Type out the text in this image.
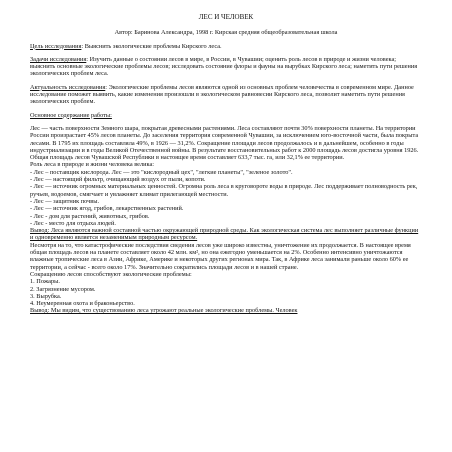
ЛЕС И ЧЕЛОВЕК
Автор: Баринова Александра, 1998 г. Кирская средняя общеобразовательная школа
Цель исследования: Выяснить экологические проблемы Кирского леса.
Задачи исследования: Изучить данные о состоянии лесов в мире, в России, в Чувашии; оценить роль лесов в природе и жизни человека; выяснить основные экологические проблемы лесов; исследовать состояние флоры и фауны на вырубках Кирского леса; наметить пути решения экологических проблем леса.
Актуальность исследования: Экологические проблемы лесов являются одной из основных проблем человечества в современном мире. Данное исследование поможет выявить, какие изменения произошли в экологическом равновесии Кирского леса, позволит наметить пути решения экологических проблем.
Основное содержание работы:

Лес — часть поверхности Земного шара, покрытая древесными растениями. Леса составляют почти 30% поверхности планеты. На территории России произрастает 45% лесов планеты. До заселения территория современной Чувашии, за исключением юго-восточной части, была покрыта лесами. В 1795 их площадь составляла 49%, в 1926 — 31,2%. Сокращение площади лесов продолжалось и в дальнейшем, особенно в годы индустриализации и в годы Великой Отечественной войны. В результате восстановительных работ к 2000 площадь лесов достигла уровня 1926. Общая площадь лесов Чувашской Республики в настоящее время составляет 633,7 тыс. га, или 32,1% ее территории.

Роль леса в природе и жизни человека велика:

- Лес – поставщик кислорода. Лес — это "кислородный цех", "легкие планеты", "зеленое золото".

- Лес — настоящий фильтр, очищающий воздух от пыли, копоти.

- Лес — источник огромных материальных ценностей. Огромна роль леса в круговороте воды в природе. Лес поддерживает полноводность рек, ручьев, водоемов, смягчает и увлажняет климат прилегающей местности.

- Лес — защитник почвы.

- Лес — источник ягод, грибов, лекарственных растений.

- Лес - дом для растений, животных, грибов.

- Лес - место для отдыха людей.

Вывод: Леса являются важной составной частью окружающей природной среды. Как экологическая система лес выполняет различные функции и одновременно является незаменимым природным ресурсом.

Несмотря на то, что катастрофические последствия сведения лесов уже широко известны, уничтожение их продолжается. В настоящее время общая площадь лесов на планете составляет около 42 млн. км², но она ежегодно уменьшается на 2%. Особенно интенсивно уничтожаются влажные тропические леса в Азии, Африке, Америке и некоторых других регионах мира. Так, в Африке леса занимали раньше около 60% ее территории, а сейчас - всего около 17%. Значительно сократились площади лесов и в нашей стране.

Сокращению лесов способствуют экологические проблемы:

1. Пожары.

2. Загрязнение мусором.

3. Вырубка.

4. Неумеренная охота и браконьерство.

Вывод: Мы видим, что существованию леса угрожают реальные экологические проблемы. Человек
